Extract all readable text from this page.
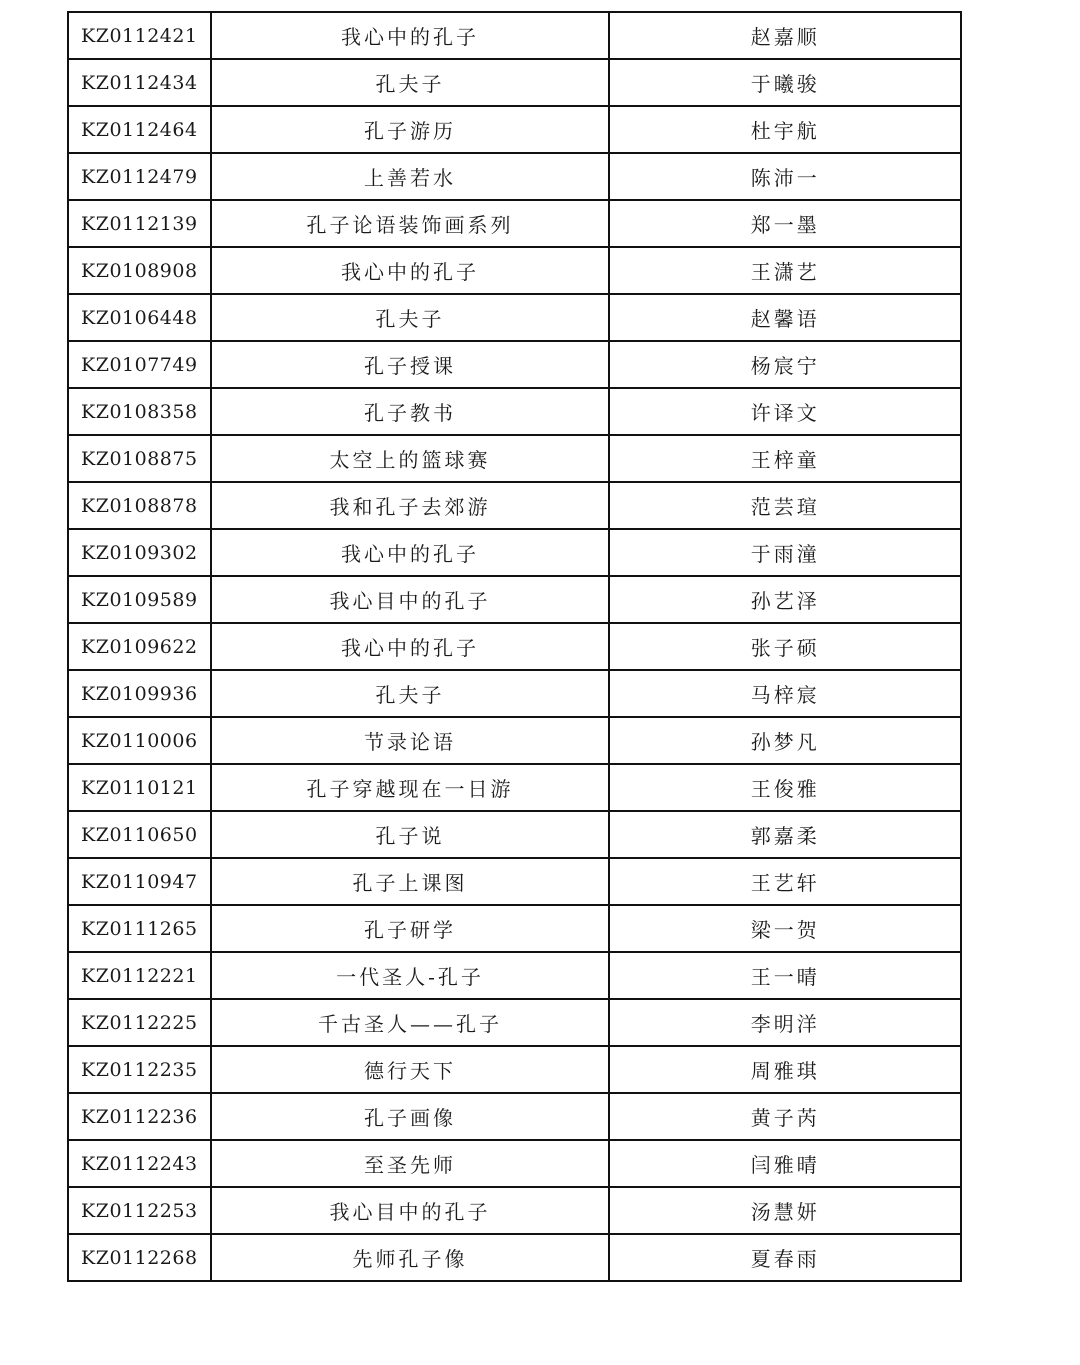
KZ0112421	我心中的孔子	赵嘉顺
KZ0112434	孔夫子	于曦骏
KZ0112464	孔子游历	杜宇航
KZ0112479	上善若水	陈沛一
KZ0112139	孔子论语装饰画系列	郑一墨
KZ0108908	我心中的孔子	王潇艺
KZ0106448	孔夫子	赵馨语
KZ0107749	孔子授课	杨宸宁
KZ0108358	孔子教书	许译文
KZ0108875	太空上的篮球赛	王梓童
KZ0108878	我和孔子去郊游	范芸瑄
KZ0109302	我心中的孔子	于雨潼
KZ0109589	我心目中的孔子	孙艺泽
KZ0109622	我心中的孔子	张子硕
KZ0109936	孔夫子	马梓宸
KZ0110006	节录论语	孙梦凡
KZ0110121	孔子穿越现在一日游	王俊雅
KZ0110650	孔子说	郭嘉柔
KZ0110947	孔子上课图	王艺轩
KZ0111265	孔子研学	梁一贺
KZ0112221	一代圣人-孔子	王一晴
KZ0112225	千古圣人——孔子	李明洋
KZ0112235	德行天下	周雅琪
KZ0112236	孔子画像	黄子芮
KZ0112243	至圣先师	闫雅晴
KZ0112253	我心目中的孔子	汤慧妍
KZ0112268	先师孔子像	夏春雨
